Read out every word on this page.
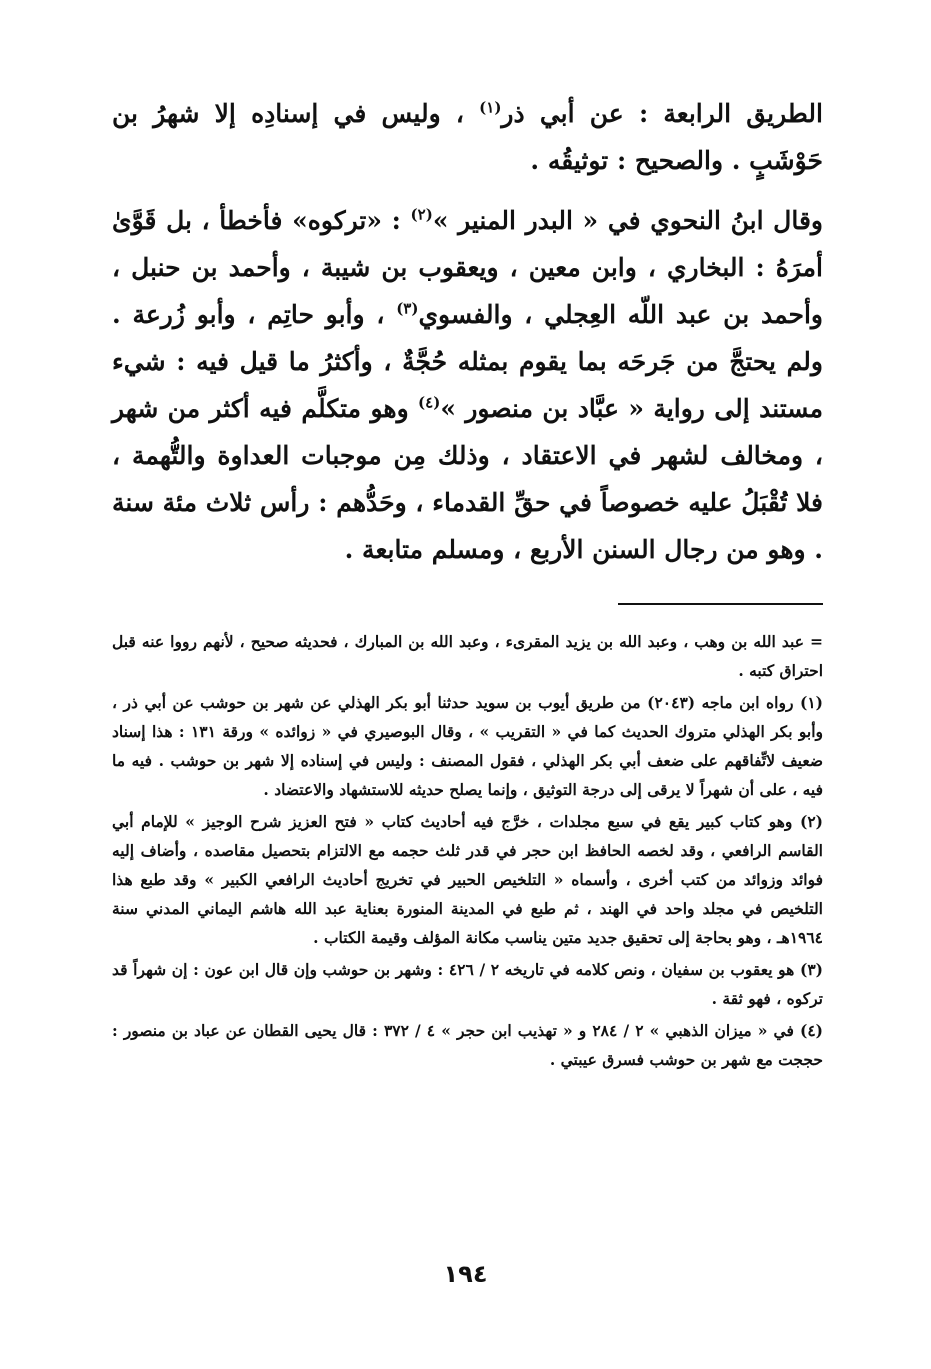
الطريق الرابعة : عن أبي ذر$^{(١)}$ ، وليس في إسنادِه إلا شهرُ بن حَوْشَبٍ . والصحيح : توثيقُه .

وقال ابنُ النحوي في « البدر المنير »$^{(٢)}$ : «تركوه» فأخطأ ، بل قَوَّىٰ أمرَهُ : البخاري ، وابن معين ، ويعقوب بن شيبة ، وأحمد بن حنبل ، وأحمد بن عبد اللّه العِجلي ، والفسوي$^{(٣)}$ ، وأبو حاتِم ، وأبو زُرعة . ولم يحتجَّ من جَرحَه بما يقوم بمثله حُجَّةٌ ، وأكثرُ ما قيل فيه : شيء مستند إلى رواية « عبَّاد بن منصور »$^{(٤)}$ وهو متكلَّم فيه أكثر من شهر ، ومخالف لشهر في الاعتقاد ، وذلك مِن موجبات العداوة والتُّهمة ، فلا تُقْبَلُ عليه خصوصاً في حقِّ القدماء ، وحَدُّهم : رأس ثلاث مئة سنة . وهو من رجال السنن الأربع ، ومسلم متابعة .

= عبد الله بن وهب ، وعبد الله بن يزيد المقرىء ، وعبد الله بن المبارك ، فحديثه صحيح ، لأنهم رووا عنه قبل احتراق كتبه .

(١) رواه ابن ماجه (٢٠٤٣) من طريق أيوب بن سويد حدثنا أبو بكر الهذلي عن شهر بن حوشب عن أبي ذر ، وأبو بكر الهذلي متروك الحديث كما في « التقريب » ، وقال البوصيري في « زوائده » ورقة ١٣١ : هذا إسناد ضعيف لاتِّفاقهم على ضعف أبي بكر الهذلي ، فقول المصنف : وليس في إسناده إلا شهر بن حوشب . فيه ما فيه ، على أن شهراً لا يرقى إلى درجة التوثيق ، وإنما يصلح حديثه للاستشهاد والاعتضاد .

(٢) وهو كتاب كبير يقع في سبع مجلدات ، خرَّج فيه أحاديث كتاب « فتح العزيز شرح الوجيز » للإمام أبي القاسم الرافعي ، وقد لخصه الحافظ ابن حجر في قدر ثلث حجمه مع الالتزام بتحصيل مقاصده ، وأضاف إليه فوائد وزوائد من كتب أخرى ، وأسماه « التلخيص الحبير في تخريج أحاديث الرافعي الكبير » وقد طبع هذا التلخيص في مجلد واحد في الهند ، ثم طبع في المدينة المنورة بعناية عبد الله هاشم اليماني المدني سنة ١٩٦٤هـ ، وهو بحاجة إلى تحقيق جديد متين يناسب مكانة المؤلف وقيمة الكتاب .

(٣) هو يعقوب بن سفيان ، ونص كلامه في تاريخه ٢ / ٤٢٦ : وشهر بن حوشب وإن قال ابن عون : إن شهراً قد تركوه ، فهو ثقة .

(٤) في « ميزان الذهبي » ٢ / ٢٨٤ و « تهذيب ابن حجر » ٤ / ٣٧٢ : قال يحيى القطان عن عباد بن منصور : حججت مع شهر بن حوشب فسرق عيبتي .

١٩٤
